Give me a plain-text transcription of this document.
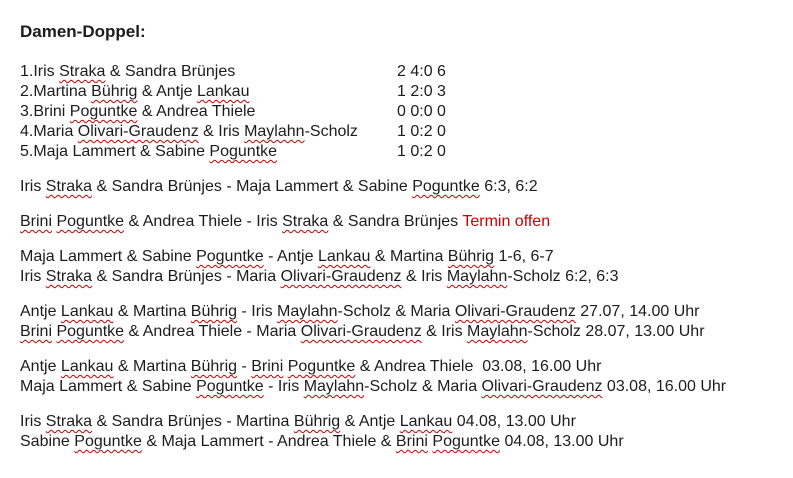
Damen-Doppel:
1.Iris Straka & Sandra Brünjes	2 4:0 6
2.Martina Bührig & Antje Lankau	1 2:0 3
3.Brini Poguntke & Andrea Thiele	0 0:0 0
4.Maria Olivari-Graudenz & Iris Maylahn-Scholz 1 0:2 0
5.Maja Lammert & Sabine Poguntke	1 0:2 0
Iris Straka & Sandra Brünjes - Maja Lammert & Sabine Poguntke 6:3, 6:2
Brini Poguntke & Andrea Thiele - Iris Straka & Sandra Brünjes Termin offen
Maja Lammert & Sabine Poguntke - Antje Lankau & Martina Bührig 1-6, 6-7
Iris Straka & Sandra Brünjes - Maria Olivari-Graudenz & Iris Maylahn-Scholz 6:2, 6:3
Antje Lankau & Martina Bührig - Iris Maylahn-Scholz & Maria Olivari-Graudenz 27.07, 14.00 Uhr
Brini Poguntke & Andrea Thiele - Maria Olivari-Graudenz & Iris Maylahn-Scholz 28.07, 13.00 Uhr
Antje Lankau & Martina Bührig - Brini Poguntke & Andrea Thiele  03.08, 16.00 Uhr
Maja Lammert & Sabine Poguntke - Iris Maylahn-Scholz & Maria Olivari-Graudenz 03.08, 16.00 Uhr
Iris Straka & Sandra Brünjes - Martina Bührig & Antje Lankau 04.08, 13.00 Uhr
Sabine Poguntke & Maja Lammert - Andrea Thiele & Brini Poguntke 04.08, 13.00 Uhr
